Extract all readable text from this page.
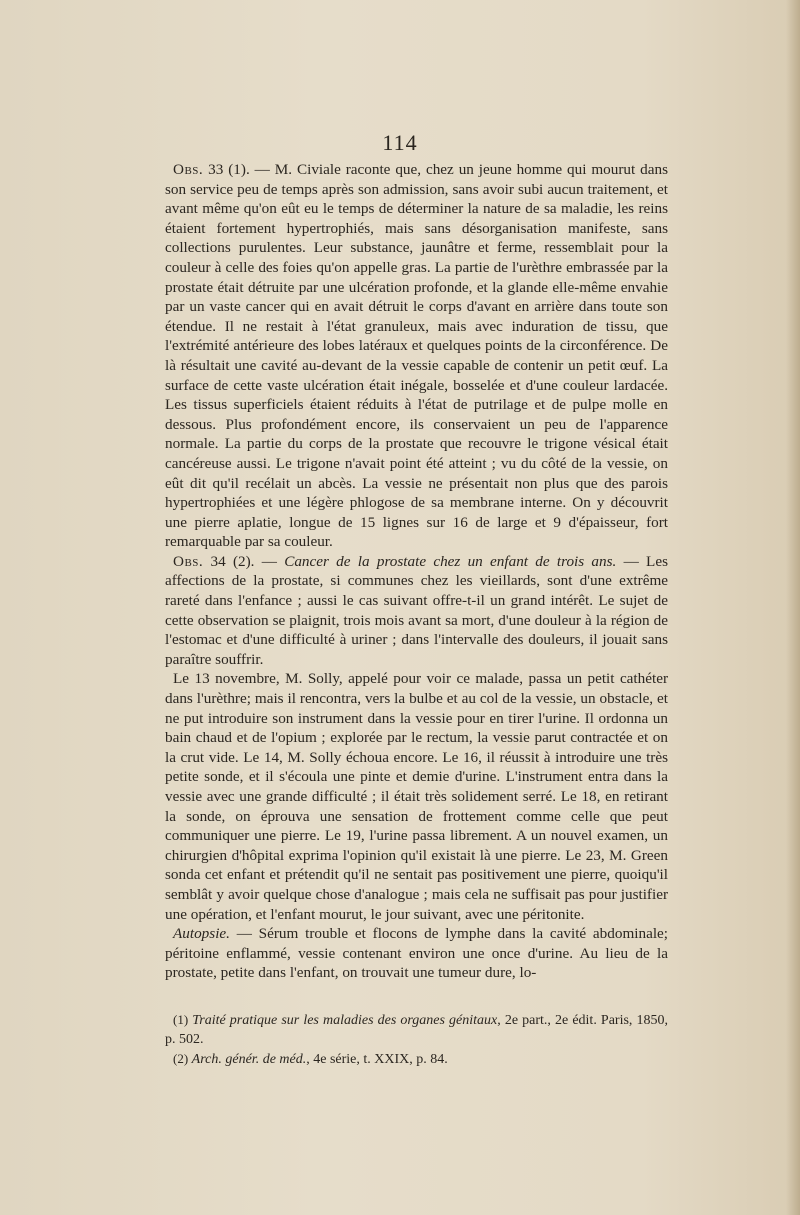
114

Obs. 33 (1). — M. Civiale raconte que, chez un jeune homme qui mourut dans son service peu de temps après son admission, sans avoir subi aucun traitement, et avant même qu'on eût eu le temps de déterminer la nature de sa maladie, les reins étaient fortement hypertrophiés, mais sans désorganisation manifeste, sans collections purulentes. Leur substance, jaunâtre et ferme, ressemblait pour la couleur à celle des foies qu'on appelle gras. La partie de l'urèthre embrassée par la prostate était détruite par une ulcération profonde, et la glande elle-même envahie par un vaste cancer qui en avait détruit le corps d'avant en arrière dans toute son étendue. Il ne restait à l'état granuleux, mais avec induration de tissu, que l'extrémité antérieure des lobes latéraux et quelques points de la circonférence. De là résultait une cavité au-devant de la vessie capable de contenir un petit œuf. La surface de cette vaste ulcération était inégale, bosselée et d'une couleur lardacée. Les tissus superficiels étaient réduits à l'état de putrilage et de pulpe molle en dessous. Plus profondément encore, ils conservaient un peu de l'apparence normale. La partie du corps de la prostate que recouvre le trigone vésical était cancéreuse aussi. Le trigone n'avait point été atteint ; vu du côté de la vessie, on eût dit qu'il recélait un abcès. La vessie ne présentait non plus que des parois hypertrophiées et une légère phlogose de sa membrane interne. On y découvrit une pierre aplatie, longue de 15 lignes sur 16 de large et 9 d'épaisseur, fort remarquable par sa couleur.

Obs. 34 (2). — Cancer de la prostate chez un enfant de trois ans. — Les affections de la prostate, si communes chez les vieillards, sont d'une extrême rareté dans l'enfance ; aussi le cas suivant offre-t-il un grand intérêt. Le sujet de cette observation se plaignit, trois mois avant sa mort, d'une douleur à la région de l'estomac et d'une difficulté à uriner ; dans l'intervalle des douleurs, il jouait sans paraître souffrir.

Le 13 novembre, M. Solly, appelé pour voir ce malade, passa un petit cathéter dans l'urèthre; mais il rencontra, vers la bulbe et au col de la vessie, un obstacle, et ne put introduire son instrument dans la vessie pour en tirer l'urine. Il ordonna un bain chaud et de l'opium ; explorée par le rectum, la vessie parut contractée et on la crut vide. Le 14, M. Solly échoua encore. Le 16, il réussit à introduire une très petite sonde, et il s'écoula une pinte et demie d'urine. L'instrument entra dans la vessie avec une grande difficulté ; il était très solidement serré. Le 18, en retirant la sonde, on éprouva une sensation de frottement comme celle que peut communiquer une pierre. Le 19, l'urine passa librement. A un nouvel examen, un chirurgien d'hôpital exprima l'opinion qu'il existait là une pierre. Le 23, M. Green sonda cet enfant et prétendit qu'il ne sentait pas positivement une pierre, quoiqu'il semblât y avoir quelque chose d'analogue ; mais cela ne suffisait pas pour justifier une opération, et l'enfant mourut, le jour suivant, avec une péritonite.

Autopsie. — Sérum trouble et flocons de lymphe dans la cavité abdominale; péritoine enflammé, vessie contenant environ une once d'urine. Au lieu de la prostate, petite dans l'enfant, on trouvait une tumeur dure, lo-

(1) Traité pratique sur les maladies des organes génitaux, 2e part., 2e édit. Paris, 1850, p. 502.

(2) Arch. génér. de méd., 4e série, t. XXIX, p. 84.
